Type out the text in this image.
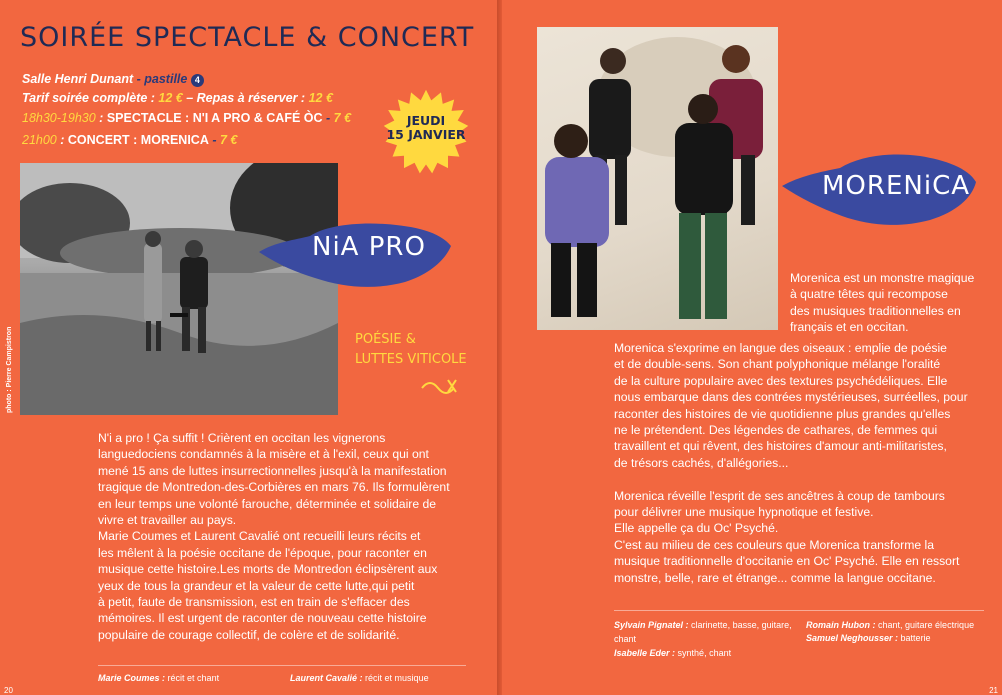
SOIRÉE SPECTACLE & CONCERT
Salle Henri Dunant - pastille 4
Tarif soirée complète : 12 € – Repas à réserver : 12 €
18h30-19h30 : SPECTACLE : N'I A PRO & CAFÉ ÒC - 7 €
21h00 : CONCERT : MORENICA - 7 €
JEUDI
15 JANVIER
photo : Pierre Campistron
NiA PRO
POÉSIE &
LUTTES VITICOLE
N'i a pro ! Ça suffit ! Crièrent en occitan les vignerons
languedociens condamnés à la misère et à l'exil, ceux qui ont
mené 15 ans de luttes insurrectionnelles jusqu'à la manifestation
tragique de Montredon-des-Corbières en mars 76. Ils formulèrent
en leur temps une volonté farouche, déterminée et solidaire de
vivre et travailler au pays.
Marie Coumes et Laurent Cavalié ont recueilli leurs récits et
les mêlent à la poésie occitane de l'époque, pour raconter en
musique cette histoire.Les morts de Montredon éclipsèrent aux
yeux de tous la grandeur et la valeur de cette lutte,qui petit
à petit, faute de transmission, est en train de s'effacer des
mémoires. Il est urgent de raconter de nouveau cette histoire
populaire de courage collectif, de colère et de solidarité.
Marie Coumes : récit et chant	Laurent Cavalié : récit et musique
20	21
MORENiCA
Morenica est un monstre magique
à quatre têtes qui recompose
des musiques traditionnelles en
français et en occitan.
Morenica s'exprime en langue des oiseaux : emplie de poésie
et de double-sens. Son chant polyphonique mélange l'oralité
de la culture populaire avec des textures psychédéliques. Elle
nous embarque dans des contrées mystérieuses, surréelles, pour
raconter des histoires de vie quotidienne plus grandes qu'elles
ne le prétendent. Des légendes de cathares, de femmes qui
travaillent et qui rêvent, des histoires d'amour anti-militaristes,
de trésors cachés, d'allégories...
Morenica réveille l'esprit de ses ancêtres à coup de tambours
pour délivrer une musique hypnotique et festive.
Elle appelle ça du Oc' Psyché.
C'est au milieu de ces couleurs que Morenica transforme la
musique traditionnelle d'occitanie en Oc' Psyché. Elle en ressort
monstre, belle, rare et étrange... comme la langue occitane.
Sylvain Pignatel : clarinette, basse, guitare,
chant
Romain Hubon : chant, guitare électrique
Samuel Neghousser : batterie
Isabelle Eder : synthé, chant
